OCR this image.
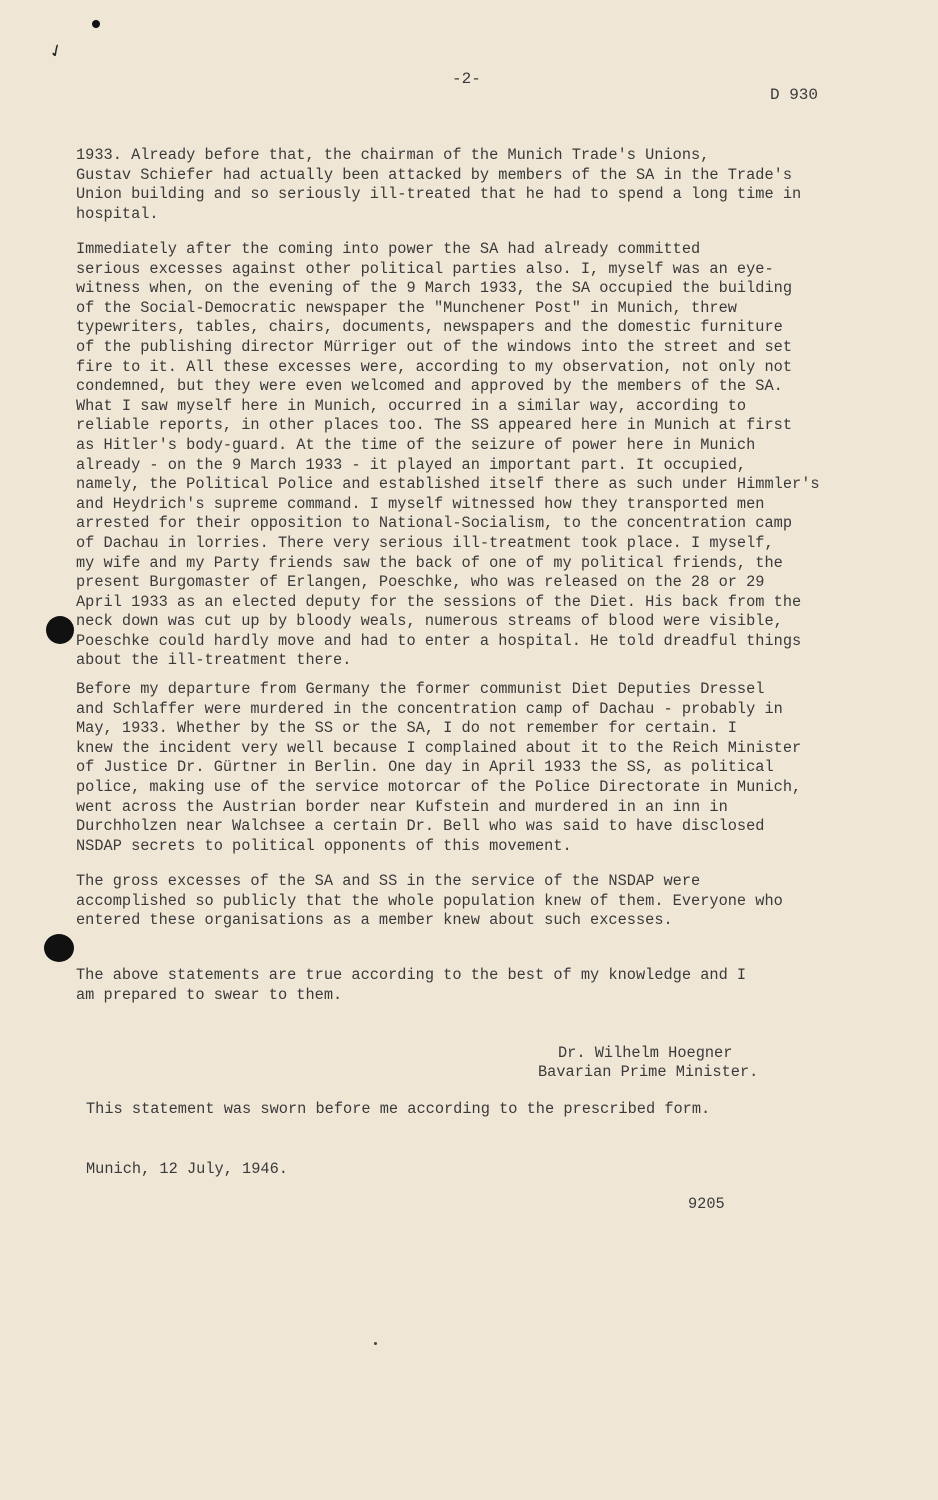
✓
-2-
D 930

1933. Already before that, the chairman of the Munich Trade's Unions,
Gustav Schiefer had actually been attacked by members of the SA in the Trade's
Union building and so seriously ill-treated that he had to spend a long time in
hospital.

Immediately after the coming into power the SA had already committed
serious excesses against other political parties also. I, myself was an eye-
witness when, on the evening of the 9 March 1933, the SA occupied the building
of the Social-Democratic newspaper the "Munchener Post" in Munich, threw
typewriters, tables, chairs, documents, newspapers and the domestic furniture
of the publishing director Mürriger out of the windows into the street and set
fire to it. All these excesses were, according to my observation, not only not
condemned, but they were even welcomed and approved by the members of the SA.
What I saw myself here in Munich, occurred in a similar way, according to
reliable reports, in other places too. The SS appeared here in Munich at first
as Hitler's body-guard. At the time of the seizure of power here in Munich
already - on the 9 March 1933 - it played an important part. It occupied,
namely, the Political Police and established itself there as such under Himmler's
and Heydrich's supreme command. I myself witnessed how they transported men
arrested for their opposition to National-Socialism, to the concentration camp
of Dachau in lorries. There very serious ill-treatment took place. I myself,
my wife and my Party friends saw the back of one of my political friends, the
present Burgomaster of Erlangen, Poeschke, who was released on the 28 or 29
April 1933 as an elected deputy for the sessions of the Diet. His back from the
neck down was cut up by bloody weals, numerous streams of blood were visible,
Poeschke could hardly move and had to enter a hospital. He told dreadful things
about the ill-treatment there.

Before my departure from Germany the former communist Diet Deputies Dressel
and Schlaffer were murdered in the concentration camp of Dachau - probably in
May, 1933. Whether by the SS or the SA, I do not remember for certain. I
knew the incident very well because I complained about it to the Reich Minister
of Justice Dr. Gürtner in Berlin. One day in April 1933 the SS, as political
police, making use of the service motorcar of the Police Directorate in Munich,
went across the Austrian border near Kufstein and murdered in an inn in
Durchholzen near Walchsee a certain Dr. Bell who was said to have disclosed
NSDAP secrets to political opponents of this movement.

The gross excesses of the SA and SS in the service of the NSDAP were
accomplished so publicly that the whole population knew of them. Everyone who
entered these organisations as a member knew about such excesses.

The above statements are true according to the best of my knowledge and I
am prepared to swear to them.

Dr. Wilhelm Hoegner
Bavarian Prime Minister.
This statement was sworn before me according to the prescribed form.
Munich, 12 July, 1946.
9205
